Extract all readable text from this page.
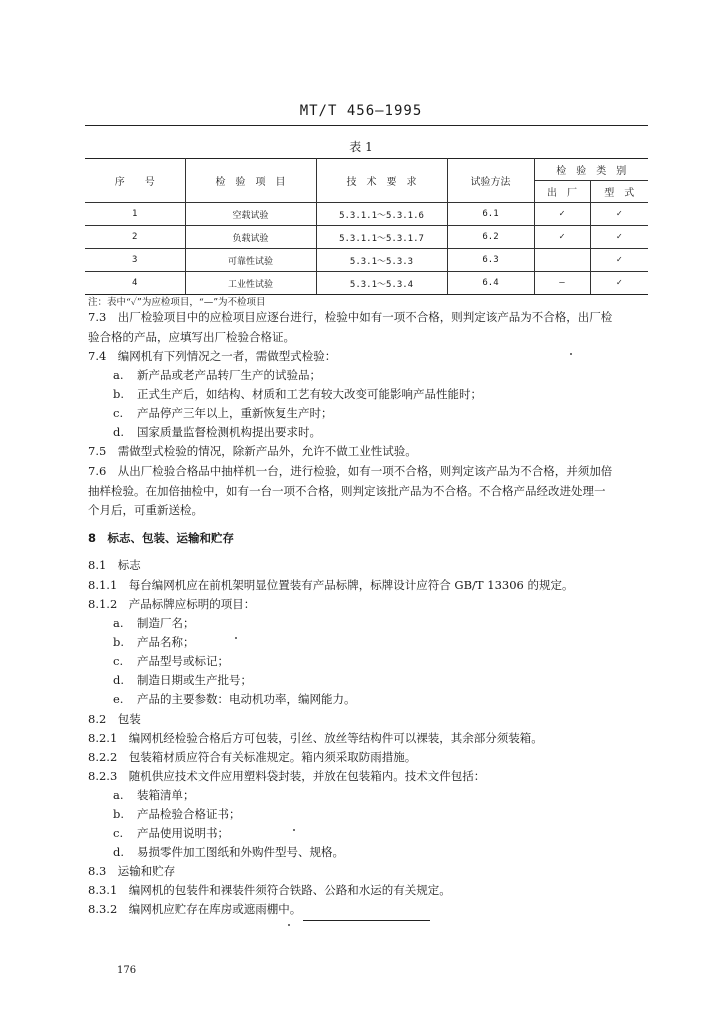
MT/T 456—1995
表 1
序　　号	检　验　项　目	技　术　要　求	试验方法	检　验　类　别	
				出　厂	型　式
1	空载试验	5.3.1.1～5.3.1.6	6.1	✓	✓
2	负载试验	5.3.1.1～5.3.1.7	6.2	✓	✓
3	可靠性试验	5.3.1～5.3.3	6.3		✓
4	工业性试验	5.3.1～5.3.4	6.4	—	✓
注：表中“✓”为应检项目，“—”为不检项目
7.3　出厂检验项目中的应检项目应逐台进行，检验中如有一项不合格，则判定该产品为不合格，出厂检
验合格的产品，应填写出厂检验合格证。
7.4　编网机有下列情况之一者，需做型式检验：
a. 新产品或老产品转厂生产的试验品；
b. 正式生产后，如结构、材质和工艺有较大改变可能影响产品性能时；
c. 产品停产三年以上，重新恢复生产时；
d. 国家质量监督检测机构提出要求时。
7.5　需做型式检验的情况，除新产品外，允许不做工业性试验。
7.6　从出厂检验合格品中抽样机一台，进行检验，如有一项不合格，则判定该产品为不合格，并须加倍
抽样检验。在加倍抽检中，如有一台一项不合格，则判定该批产品为不合格。不合格产品经改进处理一
个月后，可重新送检。
8　标志、包装、运输和贮存
8.1　标志
8.1.1　每台编网机应在前机架明显位置装有产品标牌，标牌设计应符合 GB/T 13306 的规定。
8.1.2　产品标牌应标明的项目：
a. 制造厂名；
b. 产品名称；
c. 产品型号或标记；
d. 制造日期或生产批号；
e. 产品的主要参数：电动机功率，编网能力。
8.2　包装
8.2.1　编网机经检验合格后方可包装，引丝、放丝等结构件可以裸装，其余部分须装箱。
8.2.2　包装箱材质应符合有关标准规定。箱内须采取防雨措施。
8.2.3　随机供应技术文件应用塑料袋封装，并放在包装箱内。技术文件包括：
a. 装箱清单；
b. 产品检验合格证书；
c. 产品使用说明书；
d. 易损零件加工图纸和外购件型号、规格。
8.3　运输和贮存
8.3.1　编网机的包装件和裸装件须符合铁路、公路和水运的有关规定。
8.3.2　编网机应贮存在库房或遮雨棚中。
176
